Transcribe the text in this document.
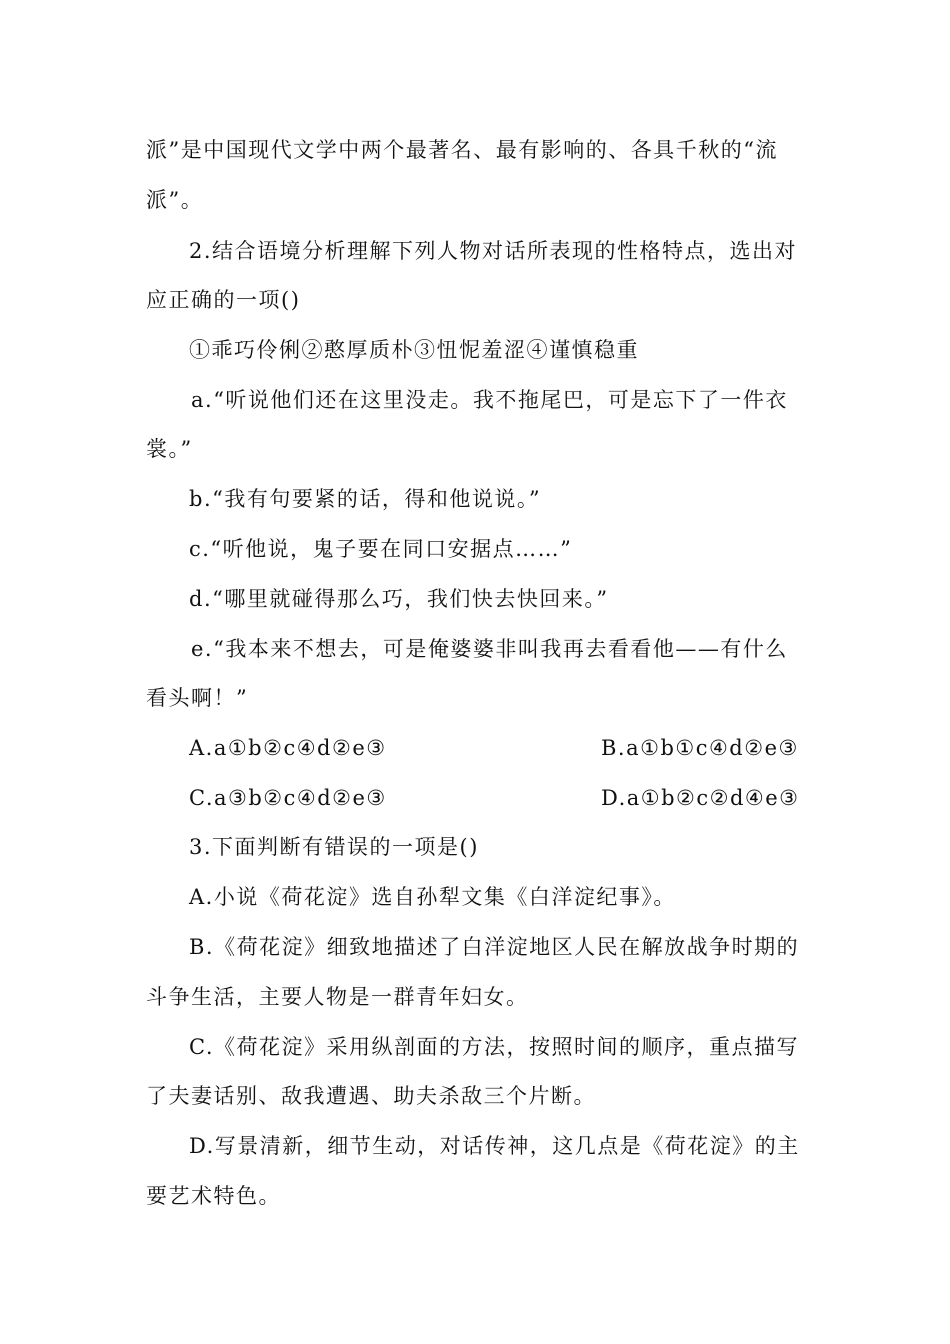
派”是中国现代文学中两个最著名、最有影响的、各具千秋的“流
派”。
2.结合语境分析理解下列人物对话所表现的性格特点，选出对
应正确的一项()
①乖巧伶俐②憨厚质朴③忸怩羞涩④谨慎稳重
a.“听说他们还在这里没走。我不拖尾巴，可是忘下了一件衣
裳。”
b.“我有句要紧的话，得和他说说。”
c.“听他说，鬼子要在同口安据点……”
d.“哪里就碰得那么巧，我们快去快回来。”
e.“我本来不想去，可是俺婆婆非叫我再去看看他——有什么
看头啊！”
A.a①b②c④d②e③	B.a①b①c④d②e③
C.a③b②c④d②e③	D.a①b②c②d④e③
3.下面判断有错误的一项是()
A.小说《荷花淀》选自孙犁文集《白洋淀纪事》。
B.《荷花淀》细致地描述了白洋淀地区人民在解放战争时期的
斗争生活，主要人物是一群青年妇女。
C.《荷花淀》采用纵剖面的方法，按照时间的顺序，重点描写
了夫妻话别、敌我遭遇、助夫杀敌三个片断。
D.写景清新，细节生动，对话传神，这几点是《荷花淀》的主
要艺术特色。
